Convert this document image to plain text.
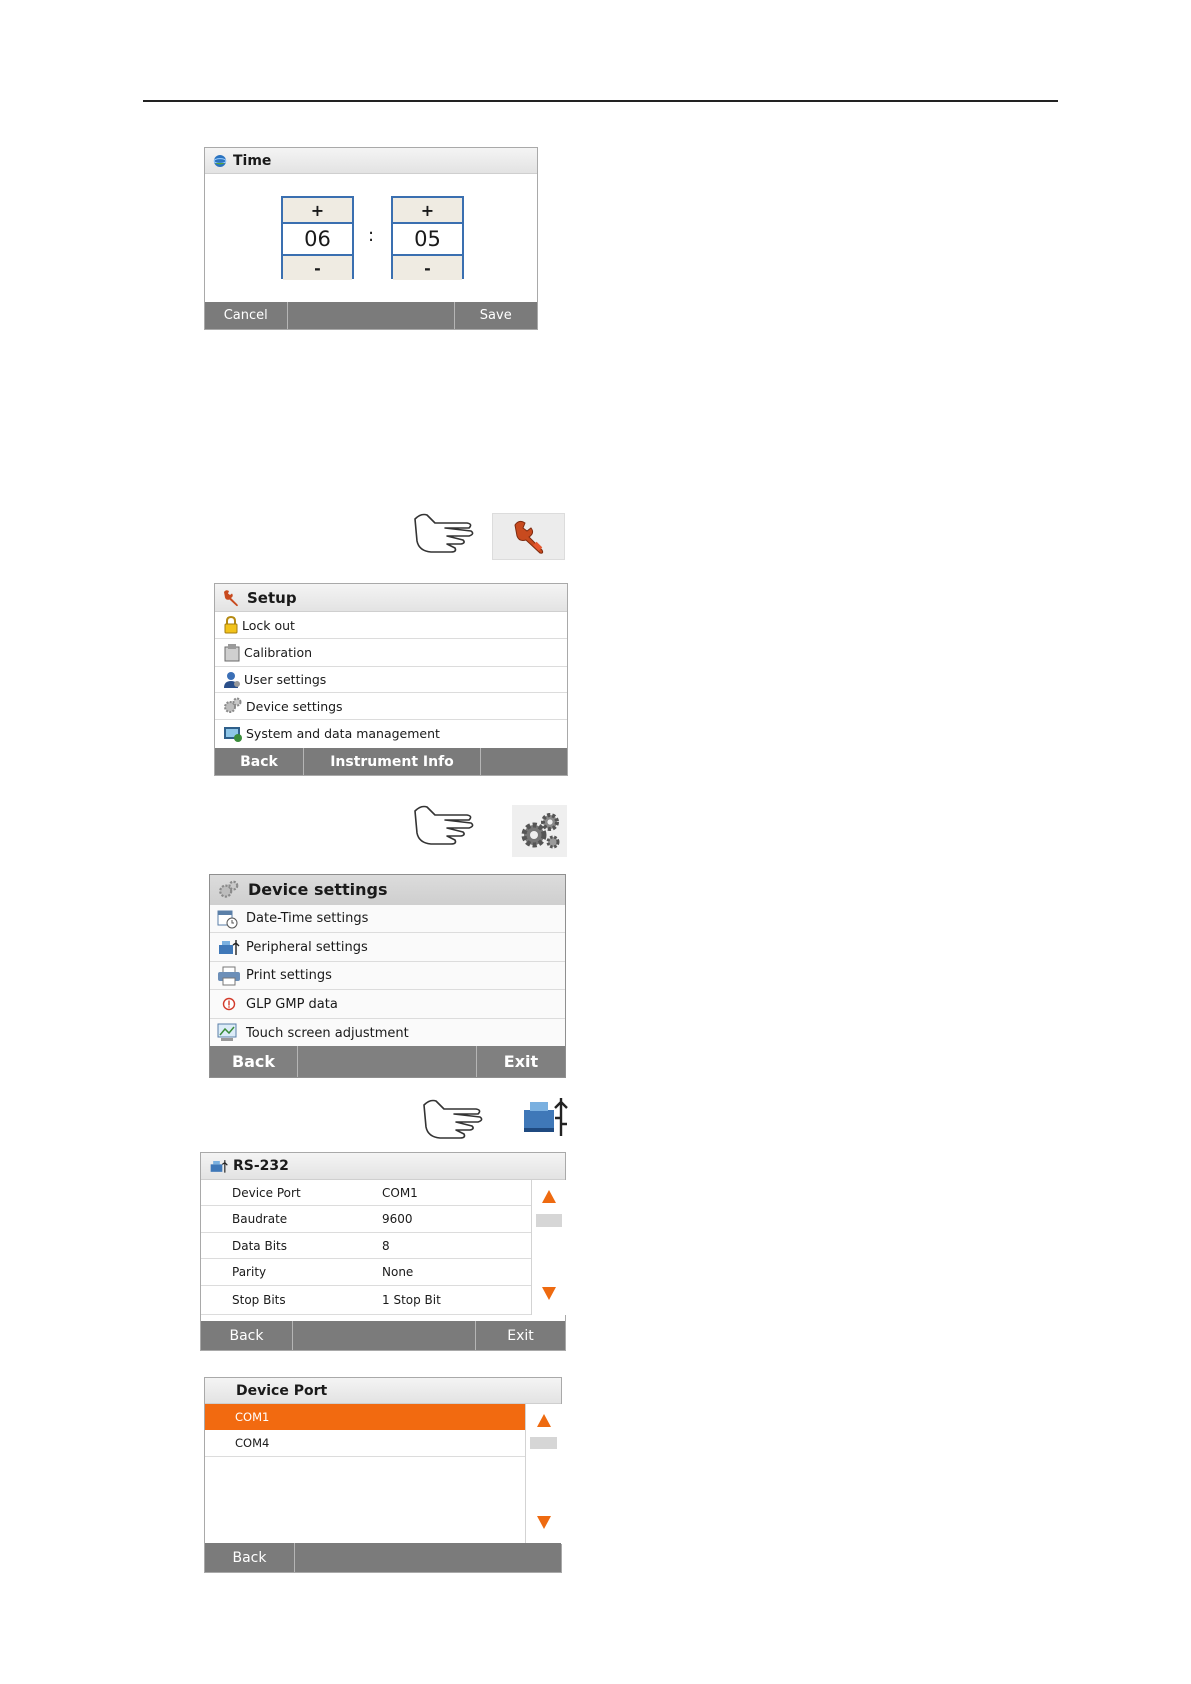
Time
+
06
-
:
+
05
-
Cancel	Save
Setup
Lock out
Calibration
User settings
Device settings
System and data management
Back	Instrument Info
Device settings
Date-Time settings
Peripheral settings
Print settings
GLP GMP data
Touch screen adjustment
Back	Exit
RS-232
Device Port	COM1
Baudrate	9600
Data Bits	8
Parity	None
Stop Bits	1 Stop Bit
Back	Exit
Device Port
COM1
COM4
Back
